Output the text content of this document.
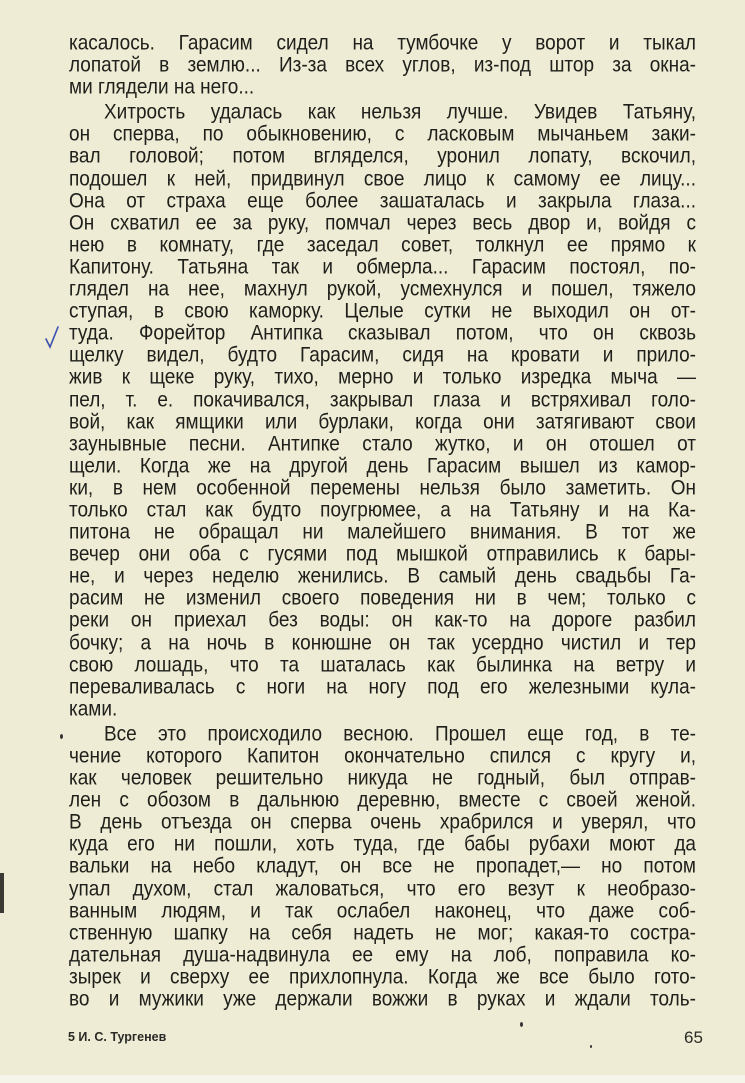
касалось. Гарасим сидел на тумбочке у ворот и тыкал
лопатой в землю... Из-за всех углов, из-под штор за окна-
ми глядели на него...
Хитрость удалась как нельзя лучше. Увидев Татьяну,
он сперва, по обыкновению, с ласковым мычаньем заки-
вал головой; потом вгляделся, уронил лопату, вскочил,
подошел к ней, придвинул свое лицо к самому ее лицу...
Она от страха еще более зашаталась и закрыла глаза...
Он схватил ее за руку, помчал через весь двор и, войдя с
нею в комнату, где заседал совет, толкнул ее прямо к
Капитону. Татьяна так и обмерла... Гарасим постоял, по-
глядел на нее, махнул рукой, усмехнулся и пошел, тяжело
ступая, в свою каморку. Целые сутки не выходил он от-
туда. Форейтор Антипка сказывал потом, что он сквозь
щелку видел, будто Гарасим, сидя на кровати и прило-
жив к щеке руку, тихо, мерно и только изредка мыча —
пел, т. е. покачивался, закрывал глаза и встряхивал голо-
вой, как ямщики или бурлаки, когда они затягивают свои
заунывные песни. Антипке стало жутко, и он отошел от
щели. Когда же на другой день Гарасим вышел из камор-
ки, в нем особенной перемены нельзя было заметить. Он
только стал как будто поугрюмее, а на Татьяну и на Ка-
питона не обращал ни малейшего внимания. В тот же
вечер они оба с гусями под мышкой отправились к бары-
не, и через неделю женились. В самый день свадьбы Га-
расим не изменил своего поведения ни в чем; только с
реки он приехал без воды: он как-то на дороге разбил
бочку; а на ночь в конюшне он так усердно чистил и тер
свою лошадь, что та шаталась как былинка на ветру и
переваливалась с ноги на ногу под его железными кула-
ками.
Все это происходило весною. Прошел еще год, в те-
чение которого Капитон окончательно спился с кругу и,
как человек решительно никуда не годный, был отправ-
лен с обозом в дальнюю деревню, вместе с своей женой.
В день отъезда он сперва очень храбрился и уверял, что
куда его ни пошли, хоть туда, где бабы рубахи моют да
вальки на небо кладут, он все не пропадет,— но потом
упал духом, стал жаловаться, что его везут к необразо-
ванным людям, и так ослабел наконец, что даже соб-
ственную шапку на себя надеть не мог; какая-то состра-
дательная душа-надвинула ее ему на лоб, поправила ко-
зырек и сверху ее прихлопнула. Когда же все было гото-
во и мужики уже держали вожжи в руках и ждали толь-
5 И. С. Тургенев	65
